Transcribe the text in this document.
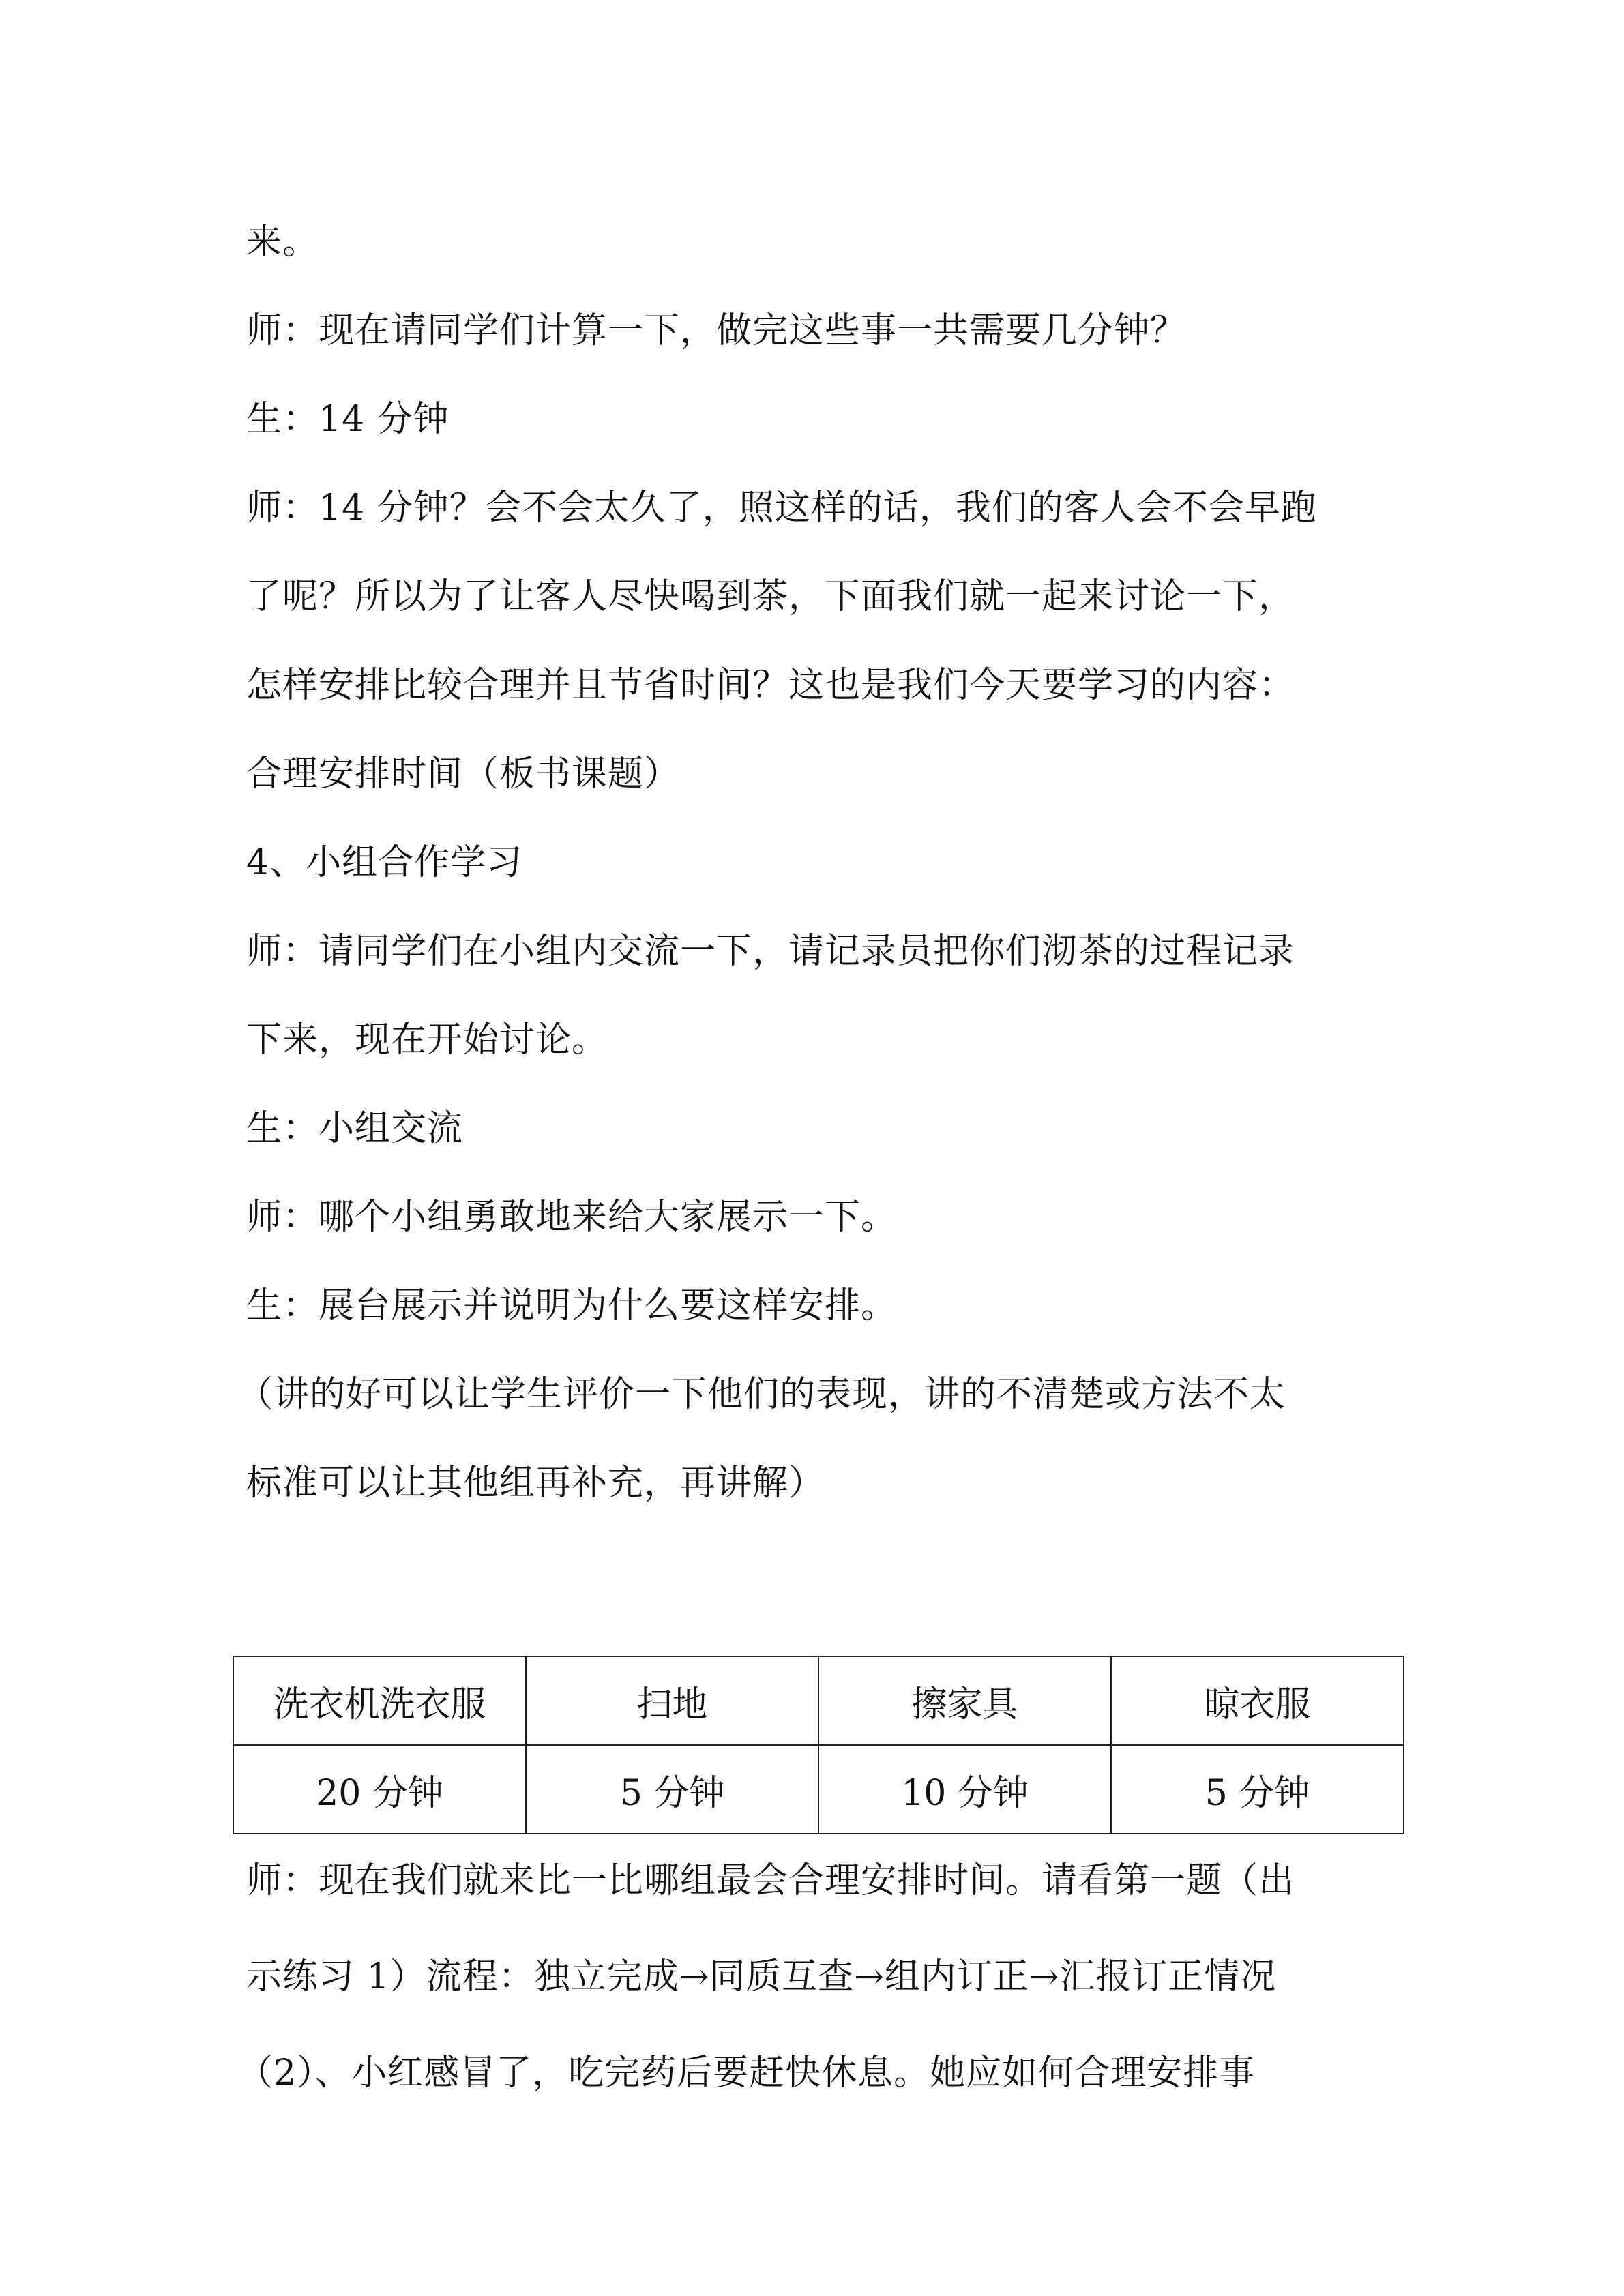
来。
师：现在请同学们计算一下，做完这些事一共需要几分钟？
生：14 分钟
师：14 分钟？会不会太久了，照这样的话，我们的客人会不会早跑
了呢？所以为了让客人尽快喝到茶，下面我们就一起来讨论一下，
怎样安排比较合理并且节省时间？这也是我们今天要学习的内容：
合理安排时间（板书课题）
4、小组合作学习
师：请同学们在小组内交流一下，请记录员把你们沏茶的过程记录
下来，现在开始讨论。
生：小组交流
师：哪个小组勇敢地来给大家展示一下。
生：展台展示并说明为什么要这样安排。
（讲的好可以让学生评价一下他们的表现，讲的不清楚或方法不太
标准可以让其他组再补充，再讲解）
洗衣机洗衣服	扫地	擦家具	晾衣服
20 分钟	5 分钟	10 分钟	5 分钟
师：现在我们就来比一比哪组最会合理安排时间。请看第一题（出
示练习 1）流程：独立完成→同质互查→组内订正→汇报订正情况
（2）、小红感冒了，吃完药后要赶快休息。她应如何合理安排事
